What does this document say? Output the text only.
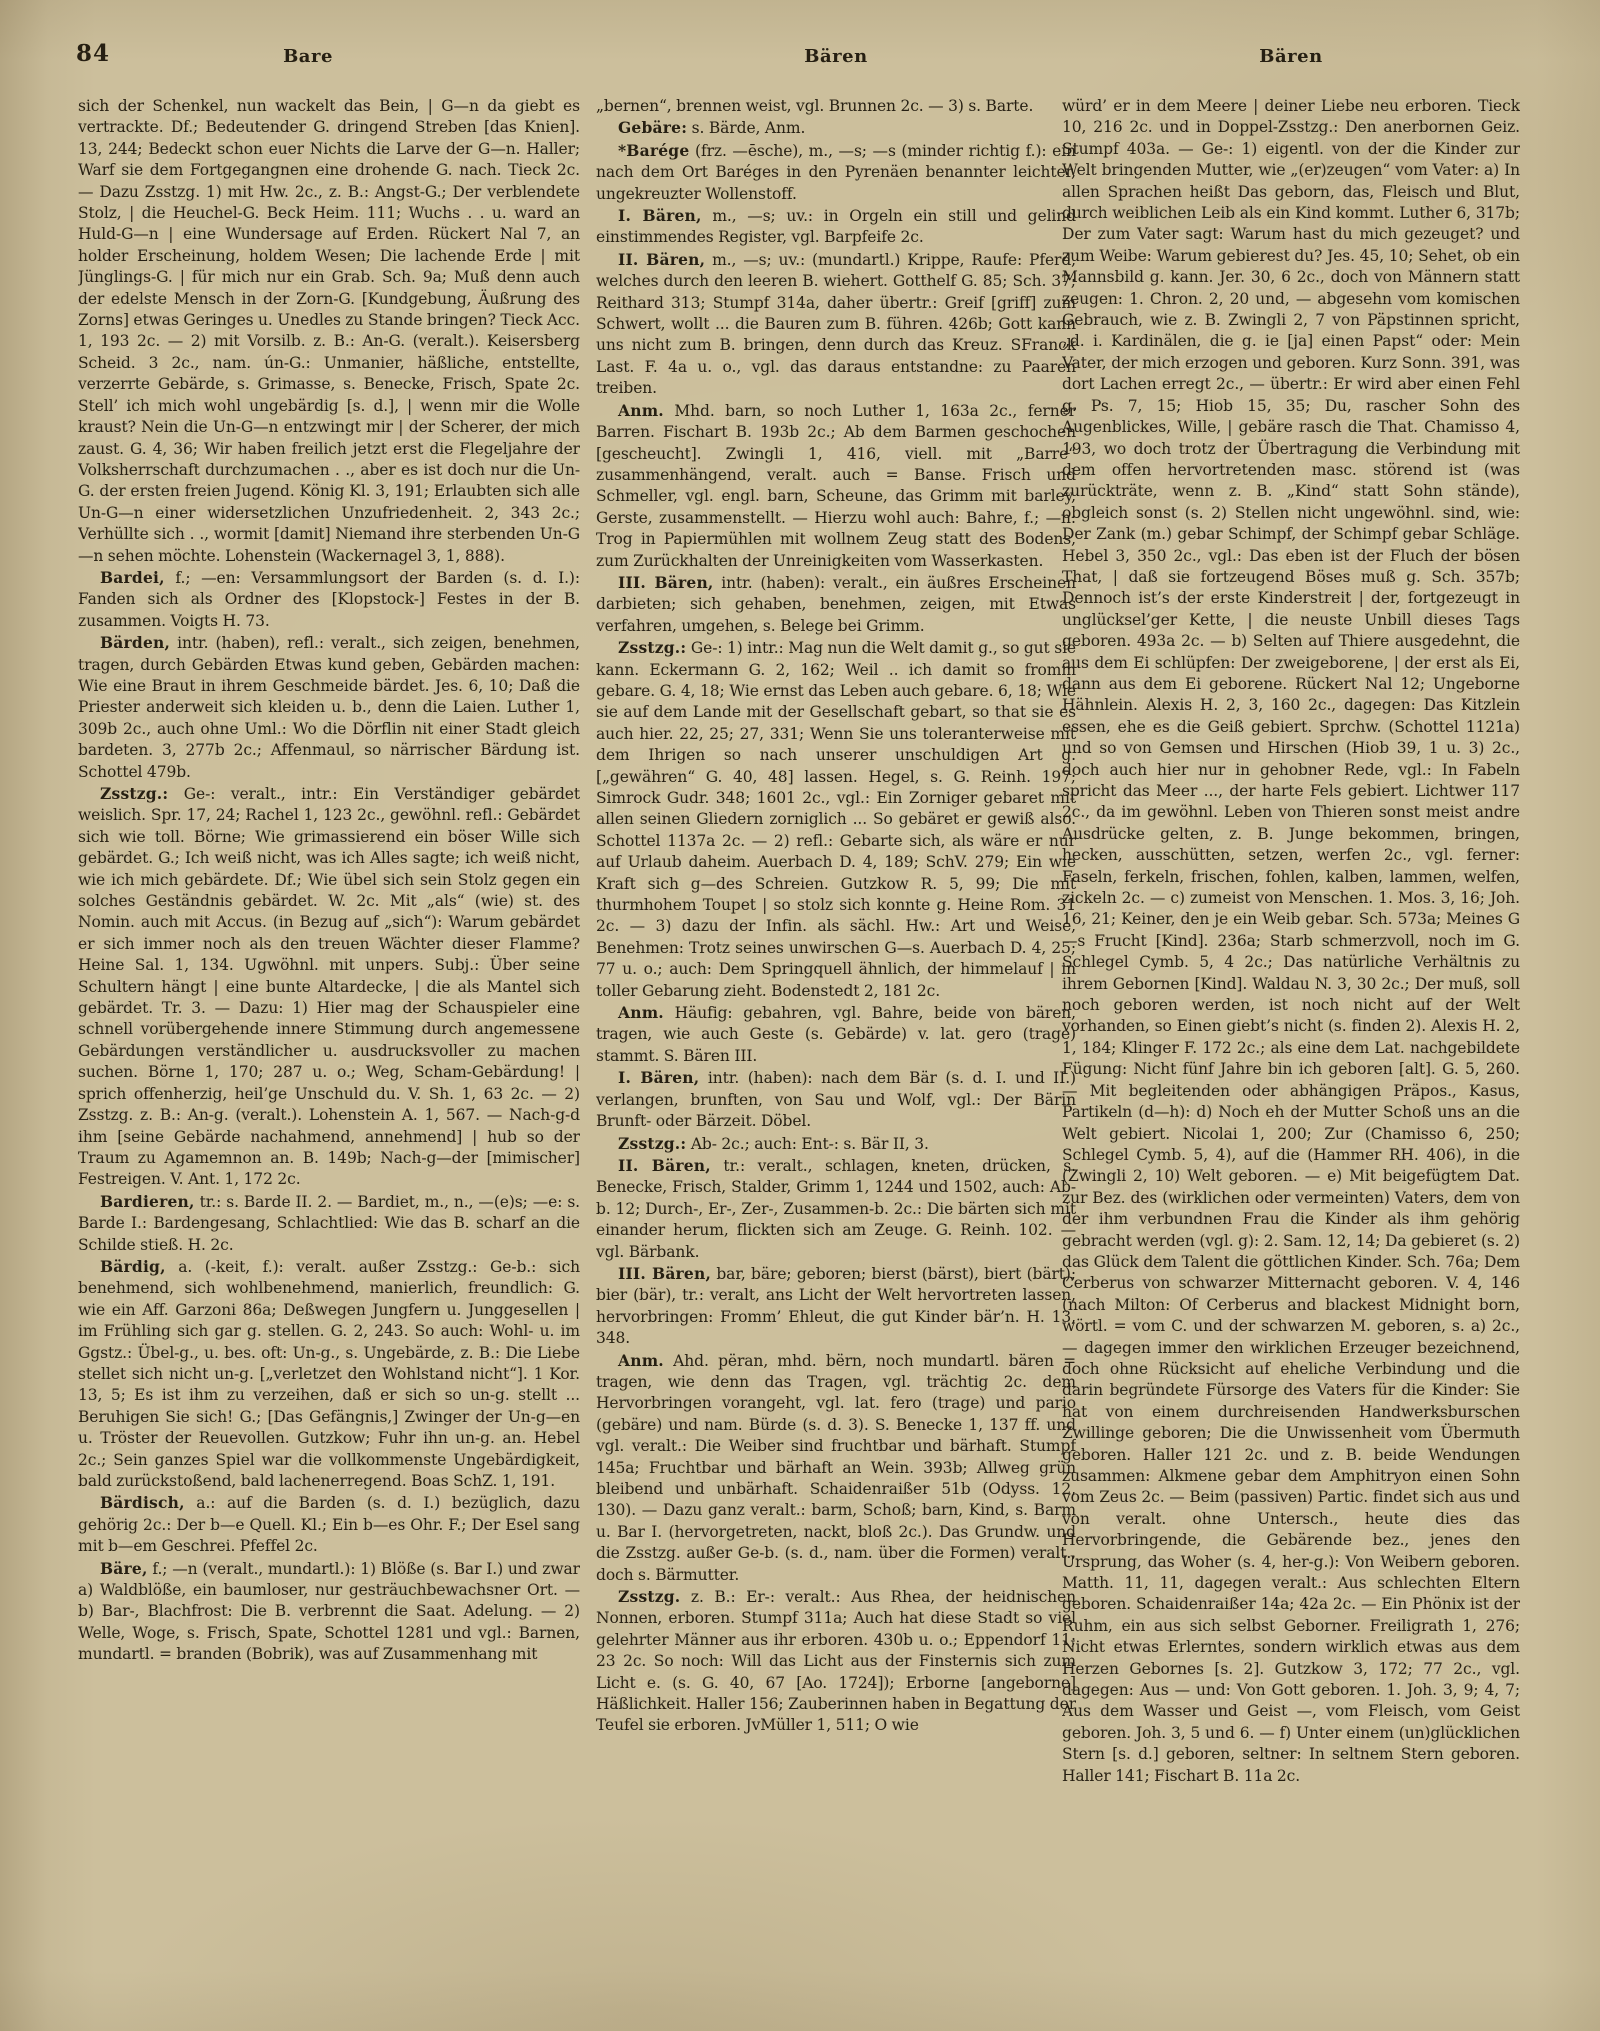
84	Bare	Bären	Bären

sich der Schenkel, nun wackelt das Bein, | G—n da giebt es vertrackte. Df.; Bedeutender G. dringend Streben [das Knien]. 13, 244; Bedeckt schon euer Nichts die Larve der G—n. Haller; Warf sie dem Fortgegangnen eine drohende G. nach. Tieck 2c. — Dazu Zsstzg. 1) mit Hw. 2c., z. B.: Angst-G.; Der verblendete Stolz, | die Heuchel-G. Beck Heim. 111; Wuchs . . u. ward an Huld-G—n | eine Wundersage auf Erden. Rückert Nal 7, an holder Erscheinung, holdem Wesen; Die lachende Erde | mit Jünglings-G. | für mich nur ein Grab. Sch. 9a; Muß denn auch der edelste Mensch in der Zorn-G. [Kundgebung, Äußrung des Zorns] etwas Geringes u. Unedles zu Stande bringen? Tieck Acc. 1, 193 2c. — 2) mit Vorsilb. z. B.: An-G. (veralt.). Keisersberg Scheid. 3 2c., nam. ún-G.: Unmanier, häßliche, entstellte, verzerrte Gebärde, s. Grimasse, s. Benecke, Frisch, Spate 2c. Stell’ ich mich wohl ungebärdig [s. d.], | wenn mir die Wolle kraust? Nein die Un-G—n entzwingt mir | der Scherer, der mich zaust. G. 4, 36; Wir haben freilich jetzt erst die Flegeljahre der Volksherrschaft durchzumachen . ., aber es ist doch nur die Un-G. der ersten freien Jugend. König Kl. 3, 191; Erlaubten sich alle Un-G—n einer widersetzlichen Unzufriedenheit. 2, 343 2c.; Verhüllte sich . ., wormit [damit] Niemand ihre sterbenden Un-G—n sehen möchte. Lohenstein (Wackernagel 3, 1, 888).

Bardei, f.; —en: Versammlungsort der Barden (s. d. I.): Fanden sich als Ordner des [Klopstock-] Festes in der B. zusammen. Voigts H. 73.

Bärden, intr. (haben), refl.: veralt., sich zeigen, benehmen, tragen, durch Gebärden Etwas kund geben, Gebärden machen: Wie eine Braut in ihrem Geschmeide bärdet. Jes. 6, 10; Daß die Priester anderweit sich kleiden u. b., denn die Laien. Luther 1, 309b 2c., auch ohne Uml.: Wo die Dörflin nit einer Stadt gleich bardeten. 3, 277b 2c.; Affenmaul, so närrischer Bärdung ist. Schottel 479b.

Zsstzg.: Ge-: veralt., intr.: Ein Verständiger gebärdet weislich. Spr. 17, 24; Rachel 1, 123 2c., gewöhnl. refl.: Gebärdet sich wie toll. Börne; Wie grimassierend ein böser Wille sich gebärdet. G.; Ich weiß nicht, was ich Alles sagte; ich weiß nicht, wie ich mich gebärdete. Df.; Wie übel sich sein Stolz gegen ein solches Geständnis gebärdet. W. 2c. Mit „als“ (wie) st. des Nomin. auch mit Accus. (in Bezug auf „sich“): Warum gebärdet er sich immer noch als den treuen Wächter dieser Flamme? Heine Sal. 1, 134. Ugwöhnl. mit unpers. Subj.: Über seine Schultern hängt | eine bunte Altardecke, | die als Mantel sich gebärdet. Tr. 3. — Dazu: 1) Hier mag der Schauspieler eine schnell vorübergehende innere Stimmung durch angemessene Gebärdungen verständlicher u. ausdrucksvoller zu machen suchen. Börne 1, 170; 287 u. o.; Weg, Scham-Gebärdung! | sprich offenherzig, heil’ge Unschuld du. V. Sh. 1, 63 2c. — 2) Zsstzg. z. B.: An-g. (veralt.). Lohenstein A. 1, 567. — Nach-g-d ihm [seine Gebärde nachahmend, annehmend] | hub so der Traum zu Agamemnon an. B. 149b; Nach-g—der [mimischer] Festreigen. V. Ant. 1, 172 2c.

Bardieren, tr.: s. Barde II. 2. — Bardiet, m., n., —(e)s; —e: s. Barde I.: Bardengesang, Schlachtlied: Wie das B. scharf an die Schilde stieß. H. 2c.

Bärdig, a. (-keit, f.): veralt. außer Zsstzg.: Ge-b.: sich benehmend, sich wohlbenehmend, manierlich, freundlich: G. wie ein Aff. Garzoni 86a; Deßwegen Jungfern u. Junggesellen | im Frühling sich gar g. stellen. G. 2, 243. So auch: Wohl- u. im Ggstz.: Übel-g., u. bes. oft: Un-g., s. Ungebärde, z. B.: Die Liebe stellet sich nicht un-g. [„verletzet den Wohlstand nicht“]. 1 Kor. 13, 5; Es ist ihm zu verzeihen, daß er sich so un-g. stellt ... Beruhigen Sie sich! G.; [Das Gefängnis,] Zwinger der Un-g—en u. Tröster der Reuevollen. Gutzkow; Fuhr ihn un-g. an. Hebel 2c.; Sein ganzes Spiel war die vollkommenste Ungebärdigkeit, bald zurückstoßend, bald lachenerregend. Boas SchZ. 1, 191.

Bärdisch, a.: auf die Barden (s. d. I.) bezüglich, dazu gehörig 2c.: Der b—e Quell. Kl.; Ein b—es Ohr. F.; Der Esel sang mit b—em Geschrei. Pfeffel 2c.

Bäre, f.; —n (veralt., mundartl.): 1) Blöße (s. Bar I.) und zwar a) Waldblöße, ein baumloser, nur gesträuchbewachsner Ort. — b) Bar-, Blachfrost: Die B. verbrennt die Saat. Adelung. — 2) Welle, Woge, s. Frisch, Spate, Schottel 1281 und vgl.: Barnen, mundartl. = branden (Bobrik), was auf Zusammenhang mit

„bernen“, brennen weist, vgl. Brunnen 2c. — 3) s. Barte.

Gebäre: s. Bärde, Anm.

*Barége (frz. —ēsche), m., —s; —s (minder richtig f.): ein nach dem Ort Baréges in den Pyrenäen benannter leichter, ungekreuzter Wollenstoff.

I. Bären, m., —s; uv.: in Orgeln ein still und gelind einstimmendes Register, vgl. Barpfeife 2c.

II. Bären, m., —s; uv.: (mundartl.) Krippe, Raufe: Pferd, welches durch den leeren B. wiehert. Gotthelf G. 85; Sch. 37; Reithard 313; Stumpf 314a, daher übertr.: Greif [griff] zum Schwert, wollt ... die Bauren zum B. führen. 426b; Gott kann uns nicht zum B. bringen, denn durch das Kreuz. SFranck Last. F. 4a u. o., vgl. das daraus entstandne: zu Paaren treiben.

Anm. Mhd. barn, so noch Luther 1, 163a 2c., ferner Barren. Fischart B. 193b 2c.; Ab dem Barmen geschochen [gescheucht]. Zwingli 1, 416, viell. mit „Barre“ zusammenhängend, veralt. auch = Banse. Frisch und Schmeller, vgl. engl. barn, Scheune, das Grimm mit barley, Gerste, zusammenstellt. — Hierzu wohl auch: Bahre, f.; —n: Trog in Papiermühlen mit wollnem Zeug statt des Bodens, zum Zurückhalten der Unreinigkeiten vom Wasserkasten.

III. Bären, intr. (haben): veralt., ein äußres Erscheinen darbieten; sich gehaben, benehmen, zeigen, mit Etwas verfahren, umgehen, s. Belege bei Grimm.

Zsstzg.: Ge-: 1) intr.: Mag nun die Welt damit g., so gut sie kann. Eckermann G. 2, 162; Weil .. ich damit so fromm gebare. G. 4, 18; Wie ernst das Leben auch gebare. 6, 18; Wie sie auf dem Lande mit der Gesellschaft gebart, so that sie es auch hier. 22, 25; 27, 331; Wenn Sie uns toleranterweise mit dem Ihrigen so nach unserer unschuldigen Art g. [„gewähren“ G. 40, 48] lassen. Hegel, s. G. Reinh. 197; Simrock Gudr. 348; 1601 2c., vgl.: Ein Zorniger gebaret mit allen seinen Gliedern zorniglich ... So gebäret er gewiß also. Schottel 1137a 2c. — 2) refl.: Gebarte sich, als wäre er nur auf Urlaub daheim. Auerbach D. 4, 189; SchV. 279; Ein wie Kraft sich g—des Schreien. Gutzkow R. 5, 99; Die mit thurmhohem Toupet | so stolz sich konnte g. Heine Rom. 31 2c. — 3) dazu der Infin. als sächl. Hw.: Art und Weise, Benehmen: Trotz seines unwirschen G—s. Auerbach D. 4, 25; 77 u. o.; auch: Dem Springquell ähnlich, der himmelauf | in toller Gebarung zieht. Bodenstedt 2, 181 2c.

Anm. Häufig: gebahren, vgl. Bahre, beide von bären, tragen, wie auch Geste (s. Gebärde) v. lat. gero (trage) stammt. S. Bären III.

I. Bären, intr. (haben): nach dem Bär (s. d. I. und II.) verlangen, brunften, von Sau und Wolf, vgl.: Der Bärin Brunft- oder Bärzeit. Döbel.

Zsstzg.: Ab- 2c.; auch: Ent-: s. Bär II, 3.

II. Bären, tr.: veralt., schlagen, kneten, drücken, s. Benecke, Frisch, Stalder, Grimm 1, 1244 und 1502, auch: Ab-b. 12; Durch-, Er-, Zer-, Zusammen-b. 2c.: Die bärten sich mit einander herum, flickten sich am Zeuge. G. Reinh. 102. — vgl. Bärbank.

III. Bären, bar, bäre; geboren; bierst (bärst), biert (bärt); bier (bär), tr.: veralt, ans Licht der Welt hervortreten lassen, hervorbringen: Fromm’ Ehleut, die gut Kinder bär’n. H. 13, 348.

Anm. Ahd. përan, mhd. bërn, noch mundartl. bären = tragen, wie denn das Tragen, vgl. trächtig 2c. dem Hervorbringen vorangeht, vgl. lat. fero (trage) und pario (gebäre) und nam. Bürde (s. d. 3). S. Benecke 1, 137 ff. und vgl. veralt.: Die Weiber sind fruchtbar und bärhaft. Stumpf 145a; Fruchtbar und bärhaft an Wein. 393b; Allweg grün bleibend und unbärhaft. Schaidenraißer 51b (Odyss. 12, 130). — Dazu ganz veralt.: barm, Schoß; barn, Kind, s. Barm u. Bar I. (hervorgetreten, nackt, bloß 2c.). Das Grundw. und die Zsstzg. außer Ge-b. (s. d., nam. über die Formen) veralt., doch s. Bärmutter.

Zsstzg. z. B.: Er-: veralt.: Aus Rhea, der heidnischen Nonnen, erboren. Stumpf 311a; Auch hat diese Stadt so viel gelehrter Männer aus ihr erboren. 430b u. o.; Eppendorf 11; 23 2c. So noch: Will das Licht aus der Finsternis sich zum Licht e. (s. G. 40, 67 [Ao. 1724]); Erborne [angeborne] Häßlichkeit. Haller 156; Zauberinnen haben in Begattung der Teufel sie erboren. JvMüller 1, 511; O wie

würd’ er in dem Meere | deiner Liebe neu erboren. Tieck 10, 216 2c. und in Doppel-Zsstzg.: Den anerbornen Geiz. Stumpf 403a. — Ge-: 1) eigentl. von der die Kinder zur Welt bringenden Mutter, wie „(er)zeugen“ vom Vater: a) In allen Sprachen heißt Das geborn, das, Fleisch und Blut, durch weiblichen Leib als ein Kind kommt. Luther 6, 317b; Der zum Vater sagt: Warum hast du mich gezeuget? und zum Weibe: Warum gebierest du? Jes. 45, 10; Sehet, ob ein Mannsbild g. kann. Jer. 30, 6 2c., doch von Männern statt zeugen: 1. Chron. 2, 20 und, — abgesehn vom komischen Gebrauch, wie z. B. Zwingli 2, 7 von Päpstinnen spricht, „d. i. Kardinälen, die g. ie [ja] einen Papst“ oder: Mein Vater, der mich erzogen und geboren. Kurz Sonn. 391, was dort Lachen erregt 2c., — übertr.: Er wird aber einen Fehl g. Ps. 7, 15; Hiob 15, 35; Du, rascher Sohn des Augenblickes, Wille, | gebäre rasch die That. Chamisso 4, 193, wo doch trotz der Übertragung die Verbindung mit dem offen hervortretenden masc. störend ist (was zurückträte, wenn z. B. „Kind“ statt Sohn stände), obgleich sonst (s. 2) Stellen nicht ungewöhnl. sind, wie: Der Zank (m.) gebar Schimpf, der Schimpf gebar Schläge. Hebel 3, 350 2c., vgl.: Das eben ist der Fluch der bösen That, | daß sie fortzeugend Böses muß g. Sch. 357b; Dennoch ist’s der erste Kinderstreit | der, fortgezeugt in unglücksel’ger Kette, | die neuste Unbill dieses Tags geboren. 493a 2c. — b) Selten auf Thiere ausgedehnt, die aus dem Ei schlüpfen: Der zweigeborene, | der erst als Ei, dann aus dem Ei geborene. Rückert Nal 12; Ungeborne Hähnlein. Alexis H. 2, 3, 160 2c., dagegen: Das Kitzlein essen, ehe es die Geiß gebiert. Sprchw. (Schottel 1121a) und so von Gemsen und Hirschen (Hiob 39, 1 u. 3) 2c., doch auch hier nur in gehobner Rede, vgl.: In Fabeln spricht das Meer ..., der harte Fels gebiert. Lichtwer 117 2c., da im gewöhnl. Leben von Thieren sonst meist andre Ausdrücke gelten, z. B. Junge bekommen, bringen, hecken, ausschütten, setzen, werfen 2c., vgl. ferner: Faseln, ferkeln, frischen, fohlen, kalben, lammen, welfen, zickeln 2c. — c) zumeist von Menschen. 1. Mos. 3, 16; Joh. 16, 21; Keiner, den je ein Weib gebar. Sch. 573a; Meines G—s Frucht [Kind]. 236a; Starb schmerzvoll, noch im G. Schlegel Cymb. 5, 4 2c.; Das natürliche Verhältnis zu ihrem Gebornen [Kind]. Waldau N. 3, 30 2c.; Der muß, soll noch geboren werden, ist noch nicht auf der Welt vorhanden, so Einen giebt’s nicht (s. finden 2). Alexis H. 2, 1, 184; Klinger F. 172 2c.; als eine dem Lat. nachgebildete Fügung: Nicht fünf Jahre bin ich geboren [alt]. G. 5, 260. — Mit begleitenden oder abhängigen Präpos., Kasus, Partikeln (d—h): d) Noch eh der Mutter Schoß uns an die Welt gebiert. Nicolai 1, 200; Zur (Chamisso 6, 250; Schlegel Cymb. 5, 4), auf die (Hammer RH. 406), in die (Zwingli 2, 10) Welt geboren. — e) Mit beigefügtem Dat. zur Bez. des (wirklichen oder vermeinten) Vaters, dem von der ihm verbundnen Frau die Kinder als ihm gehörig gebracht werden (vgl. g): 2. Sam. 12, 14; Da gebieret (s. 2) das Glück dem Talent die göttlichen Kinder. Sch. 76a; Dem Cerberus von schwarzer Mitternacht geboren. V. 4, 146 (nach Milton: Of Cerberus and blackest Midnight born, wörtl. = vom C. und der schwarzen M. geboren, s. a) 2c., — dagegen immer den wirklichen Erzeuger bezeichnend, doch ohne Rücksicht auf eheliche Verbindung und die darin begründete Fürsorge des Vaters für die Kinder: Sie hat von einem durchreisenden Handwerksburschen Zwillinge geboren; Die die Unwissenheit vom Übermuth geboren. Haller 121 2c. und z. B. beide Wendungen zusammen: Alkmene gebar dem Amphitryon einen Sohn vom Zeus 2c. — Beim (passiven) Partic. findet sich aus und von veralt. ohne Untersch., heute dies das Hervorbringende, die Gebärende bez., jenes den Ursprung, das Woher (s. 4, her-g.): Von Weibern geboren. Matth. 11, 11, dagegen veralt.: Aus schlechten Eltern geboren. Schaidenraißer 14a; 42a 2c. — Ein Phönix ist der Ruhm, ein aus sich selbst Geborner. Freiligrath 1, 276; Nicht etwas Erlerntes, sondern wirklich etwas aus dem Herzen Gebornes [s. 2]. Gutzkow 3, 172; 77 2c., vgl. dagegen: Aus — und: Von Gott geboren. 1. Joh. 3, 9; 4, 7; Aus dem Wasser und Geist —, vom Fleisch, vom Geist geboren. Joh. 3, 5 und 6. — f) Unter einem (un)glücklichen Stern [s. d.] geboren, seltner: In seltnem Stern geboren. Haller 141; Fischart B. 11a 2c.
